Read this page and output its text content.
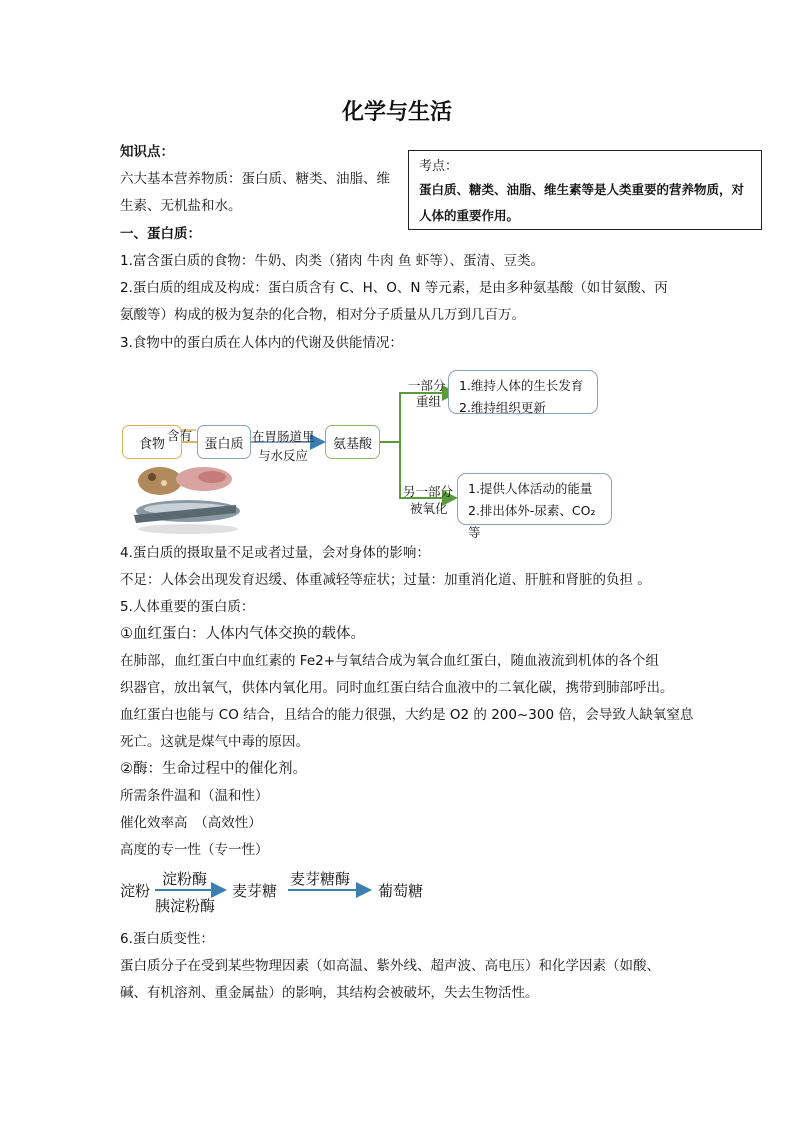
化学与生活
知识点：
六大基本营养物质：蛋白质、糖类、油脂、维
生素、无机盐和水。
考点：
蛋白质、糖类、油脂、维生素等是人类重要的营养物质，对人体的重要作用。
一、蛋白质：
1.富含蛋白质的食物：牛奶、肉类（猪肉 牛肉 鱼 虾等）、蛋清、豆类。
2.蛋白质的组成及构成：蛋白质含有 C、H、O、N 等元素，是由多种氨基酸（如甘氨酸、丙
氨酸等）构成的极为复杂的化合物，相对分子质量从几万到几百万。
3.食物中的蛋白质在人体内的代谢及供能情况：
食物
含有
蛋白质 在胃肠道里
与水反应
氨基酸
一部分
重组
另一部分
被氧化
1.维持人体的生长发育
2.维持组织更新
1.提供人体活动的能量
2.排出体外-尿素、CO₂等
4.蛋白质的摄取量不足或者过量，会对身体的影响：
不足：人体会出现发育迟缓、体重减轻等症状；过量：加重消化道、肝脏和肾脏的负担 。
5.人体重要的蛋白质：
①血红蛋白：人体内气体交换的载体。
在肺部，血红蛋白中血红素的 Fe2+与氧结合成为氧合血红蛋白，随血液流到机体的各个组
织器官，放出氧气，供体内氧化用。同时血红蛋白结合血液中的二氧化碳，携带到肺部呼出。
血红蛋白也能与 CO 结合，且结合的能力很强，大约是 O2 的 200~300 倍，会导致人缺氧窒息
死亡。这就是煤气中毒的原因。
②酶：生命过程中的催化剂。
所需条件温和（温和性）
催化效率高　（高效性）
高度的专一性（专一性）
淀粉
淀粉酶
胰淀粉酶
麦芽糖
麦芽糖酶
葡萄糖
6.蛋白质变性：
蛋白质分子在受到某些物理因素（如高温、紫外线、超声波、高电压）和化学因素（如酸、
碱、有机溶剂、重金属盐）的影响，其结构会被破坏，失去生物活性。
